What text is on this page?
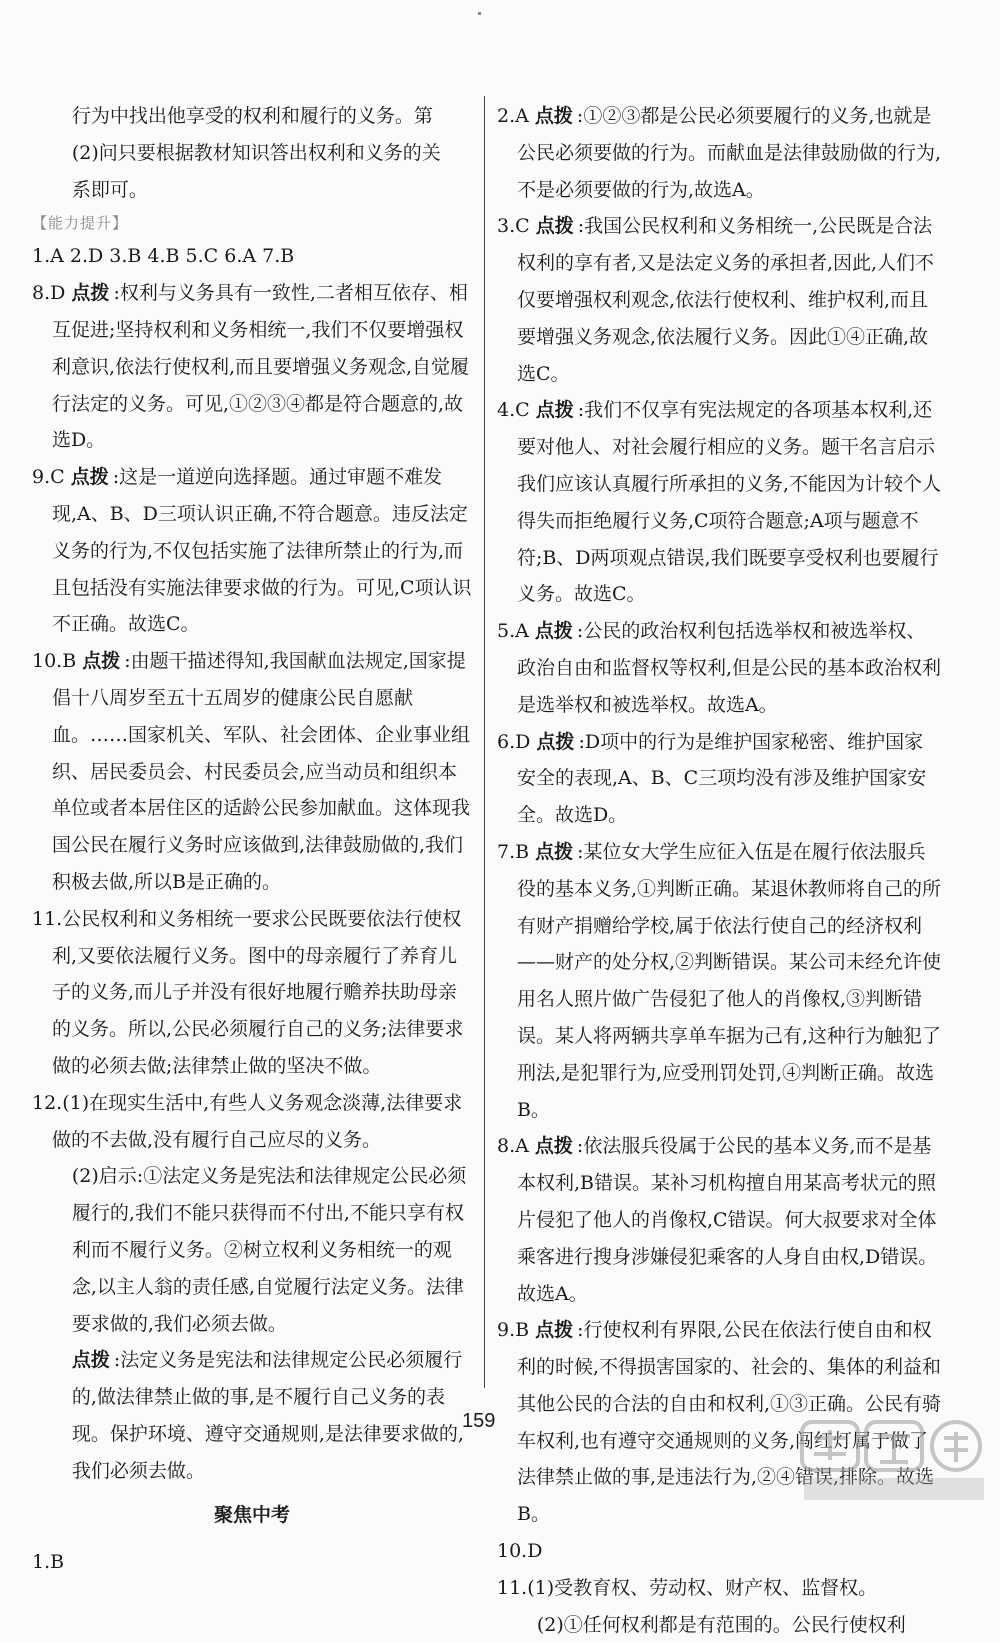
行为中找出他享受的权利和履行的义务。第

(2)问只要根据教材知识答出权利和义务的关

系即可。

【能力提升】

1.A 2.D 3.B 4.B 5.C 6.A 7.B

8.D 点拨 :权利与义务具有一致性,二者相互依存、相互促进;坚持权利和义务相统一,我们不仅要增强权利意识,依法行使权利,而且要增强义务观念,自觉履行法定的义务。可见,①②③④都是符合题意的,故选D。

9.C 点拨 :这是一道逆向选择题。通过审题不难发现,A、B、D三项认识正确,不符合题意。违反法定义务的行为,不仅包括实施了法律所禁止的行为,而且包括没有实施法律要求做的行为。可见,C项认识不正确。故选C。

10.B 点拨 :由题干描述得知,我国献血法规定,国家提倡十八周岁至五十五周岁的健康公民自愿献血。……国家机关、军队、社会团体、企业事业组织、居民委员会、村民委员会,应当动员和组织本单位或者本居住区的适龄公民参加献血。这体现我国公民在履行义务时应该做到,法律鼓励做的,我们积极去做,所以B是正确的。

11.公民权利和义务相统一要求公民既要依法行使权利,又要依法履行义务。图中的母亲履行了养育儿子的义务,而儿子并没有很好地履行赡养扶助母亲的义务。所以,公民必须履行自己的义务;法律要求做的必须去做;法律禁止做的坚决不做。

12.(1)在现实生活中,有些人义务观念淡薄,法律要求做的不去做,没有履行自己应尽的义务。

(2)启示:①法定义务是宪法和法律规定公民必须履行的,我们不能只获得而不付出,不能只享有权利而不履行义务。②树立权利义务相统一的观念,以主人翁的责任感,自觉履行法定义务。法律要求做的,我们必须去做。

点拨 :法定义务是宪法和法律规定公民必须履行的,做法律禁止做的事,是不履行自己义务的表现。保护环境、遵守交通规则,是法律要求做的,我们必须去做。

聚焦中考

1.B

2.A 点拨 :①②③都是公民必须要履行的义务,也就是公民必须要做的行为。而献血是法律鼓励做的行为,不是必须要做的行为,故选A。

3.C 点拨 :我国公民权利和义务相统一,公民既是合法权利的享有者,又是法定义务的承担者,因此,人们不仅要增强权利观念,依法行使权利、维护权利,而且要增强义务观念,依法履行义务。因此①④正确,故选C。

4.C 点拨 :我们不仅享有宪法规定的各项基本权利,还要对他人、对社会履行相应的义务。题干名言启示我们应该认真履行所承担的义务,不能因为计较个人得失而拒绝履行义务,C项符合题意;A项与题意不符;B、D两项观点错误,我们既要享受权利也要履行义务。故选C。

5.A 点拨 :公民的政治权利包括选举权和被选举权、政治自由和监督权等权利,但是公民的基本政治权利是选举权和被选举权。故选A。

6.D 点拨 :D项中的行为是维护国家秘密、维护国家安全的表现,A、B、C三项均没有涉及维护国家安全。故选D。

7.B 点拨 :某位女大学生应征入伍是在履行依法服兵役的基本义务,①判断正确。某退休教师将自己的所有财产捐赠给学校,属于依法行使自己的经济权利——财产的处分权,②判断错误。某公司未经允许使用名人照片做广告侵犯了他人的肖像权,③判断错误。某人将两辆共享单车据为己有,这种行为触犯了刑法,是犯罪行为,应受刑罚处罚,④判断正确。故选B。

8.A 点拨 :依法服兵役属于公民的基本义务,而不是基本权利,B错误。某补习机构擅自用某高考状元的照片侵犯了他人的肖像权,C错误。何大叔要求对全体乘客进行搜身涉嫌侵犯乘客的人身自由权,D错误。故选A。

9.B 点拨 :行使权利有界限,公民在依法行使自由和权利的时候,不得损害国家的、社会的、集体的利益和其他公民的合法的自由和权利,①③正确。公民有骑车权利,也有遵守交通规则的义务,闯红灯属于做了法律禁止做的事,是违法行为,②④错误,排除。故选B。

10.D

11.(1)受教育权、劳动权、财产权、监督权。

(2)①任何权利都是有范围的。公民行使权利

159
